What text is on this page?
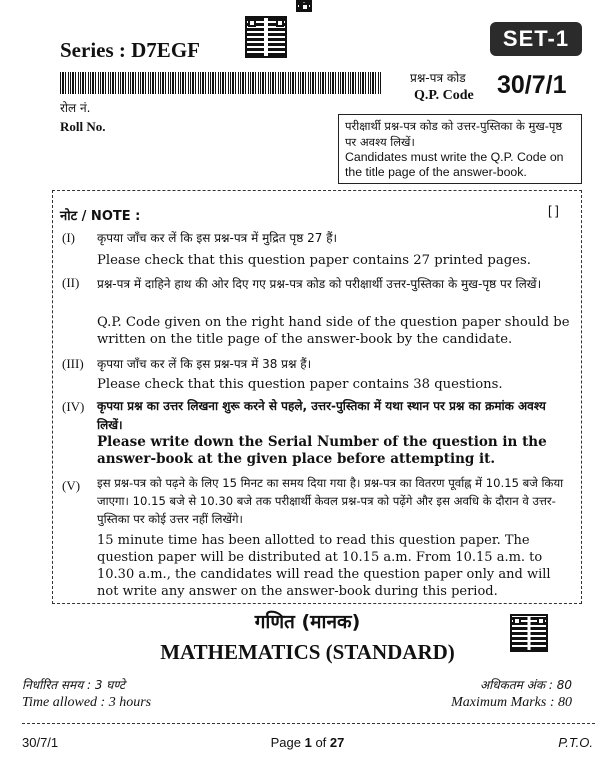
Series : D7EGF	SET-1
रोल नं.
Roll No.
प्रश्न-पत्र कोड
Q.P. Code 30/7/1
परीक्षार्थी प्रश्न-पत्र कोड को उत्तर-पुस्तिका के मुख-पृष्ठ पर अवश्य लिखें।
Candidates must write the Q.P. Code on the title page of the answer-book.
नोट / NOTE :	[ ]
(I) कृपया जाँच कर लें कि इस प्रश्न-पत्र में मुद्रित पृष्ठ 27 हैं।
Please check that this question paper contains 27 printed pages.
(II) प्रश्न-पत्र में दाहिने हाथ की ओर दिए गए प्रश्न-पत्र कोड को परीक्षार्थी उत्तर-पुस्तिका के मुख-पृष्ठ पर लिखें।
Q.P. Code given on the right hand side of the question paper should be written on the title page of the answer-book by the candidate.
(III) कृपया जाँच कर लें कि इस प्रश्न-पत्र में 38 प्रश्न हैं।
Please check that this question paper contains 38 questions.
(IV) कृपया प्रश्न का उत्तर लिखना शुरू करने से पहले, उत्तर-पुस्तिका में यथा स्थान पर प्रश्न का क्रमांक अवश्य लिखें।
Please write down the Serial Number of the question in the answer-book at the given place before attempting it.
(V) इस प्रश्न-पत्र को पढ़ने के लिए 15 मिनट का समय दिया गया है। प्रश्न-पत्र का वितरण पूर्वाह्न में 10.15 बजे किया जाएगा। 10.15 बजे से 10.30 बजे तक परीक्षार्थी केवल प्रश्न-पत्र को पढ़ेंगे और इस अवधि के दौरान वे उत्तर-पुस्तिका पर कोई उत्तर नहीं लिखेंगे।
15 minute time has been allotted to read this question paper. The question paper will be distributed at 10.15 a.m. From 10.15 a.m. to 10.30 a.m., the candidates will read the question paper only and will not write any answer on the answer-book during this period.
गणित (मानक)
MATHEMATICS (STANDARD)
निर्धारित समय : 3 घण्टे
Time allowed : 3 hours
अधिकतम अंक : 80
Maximum Marks : 80
30/7/1	Page 1 of 27	P.T.O.
